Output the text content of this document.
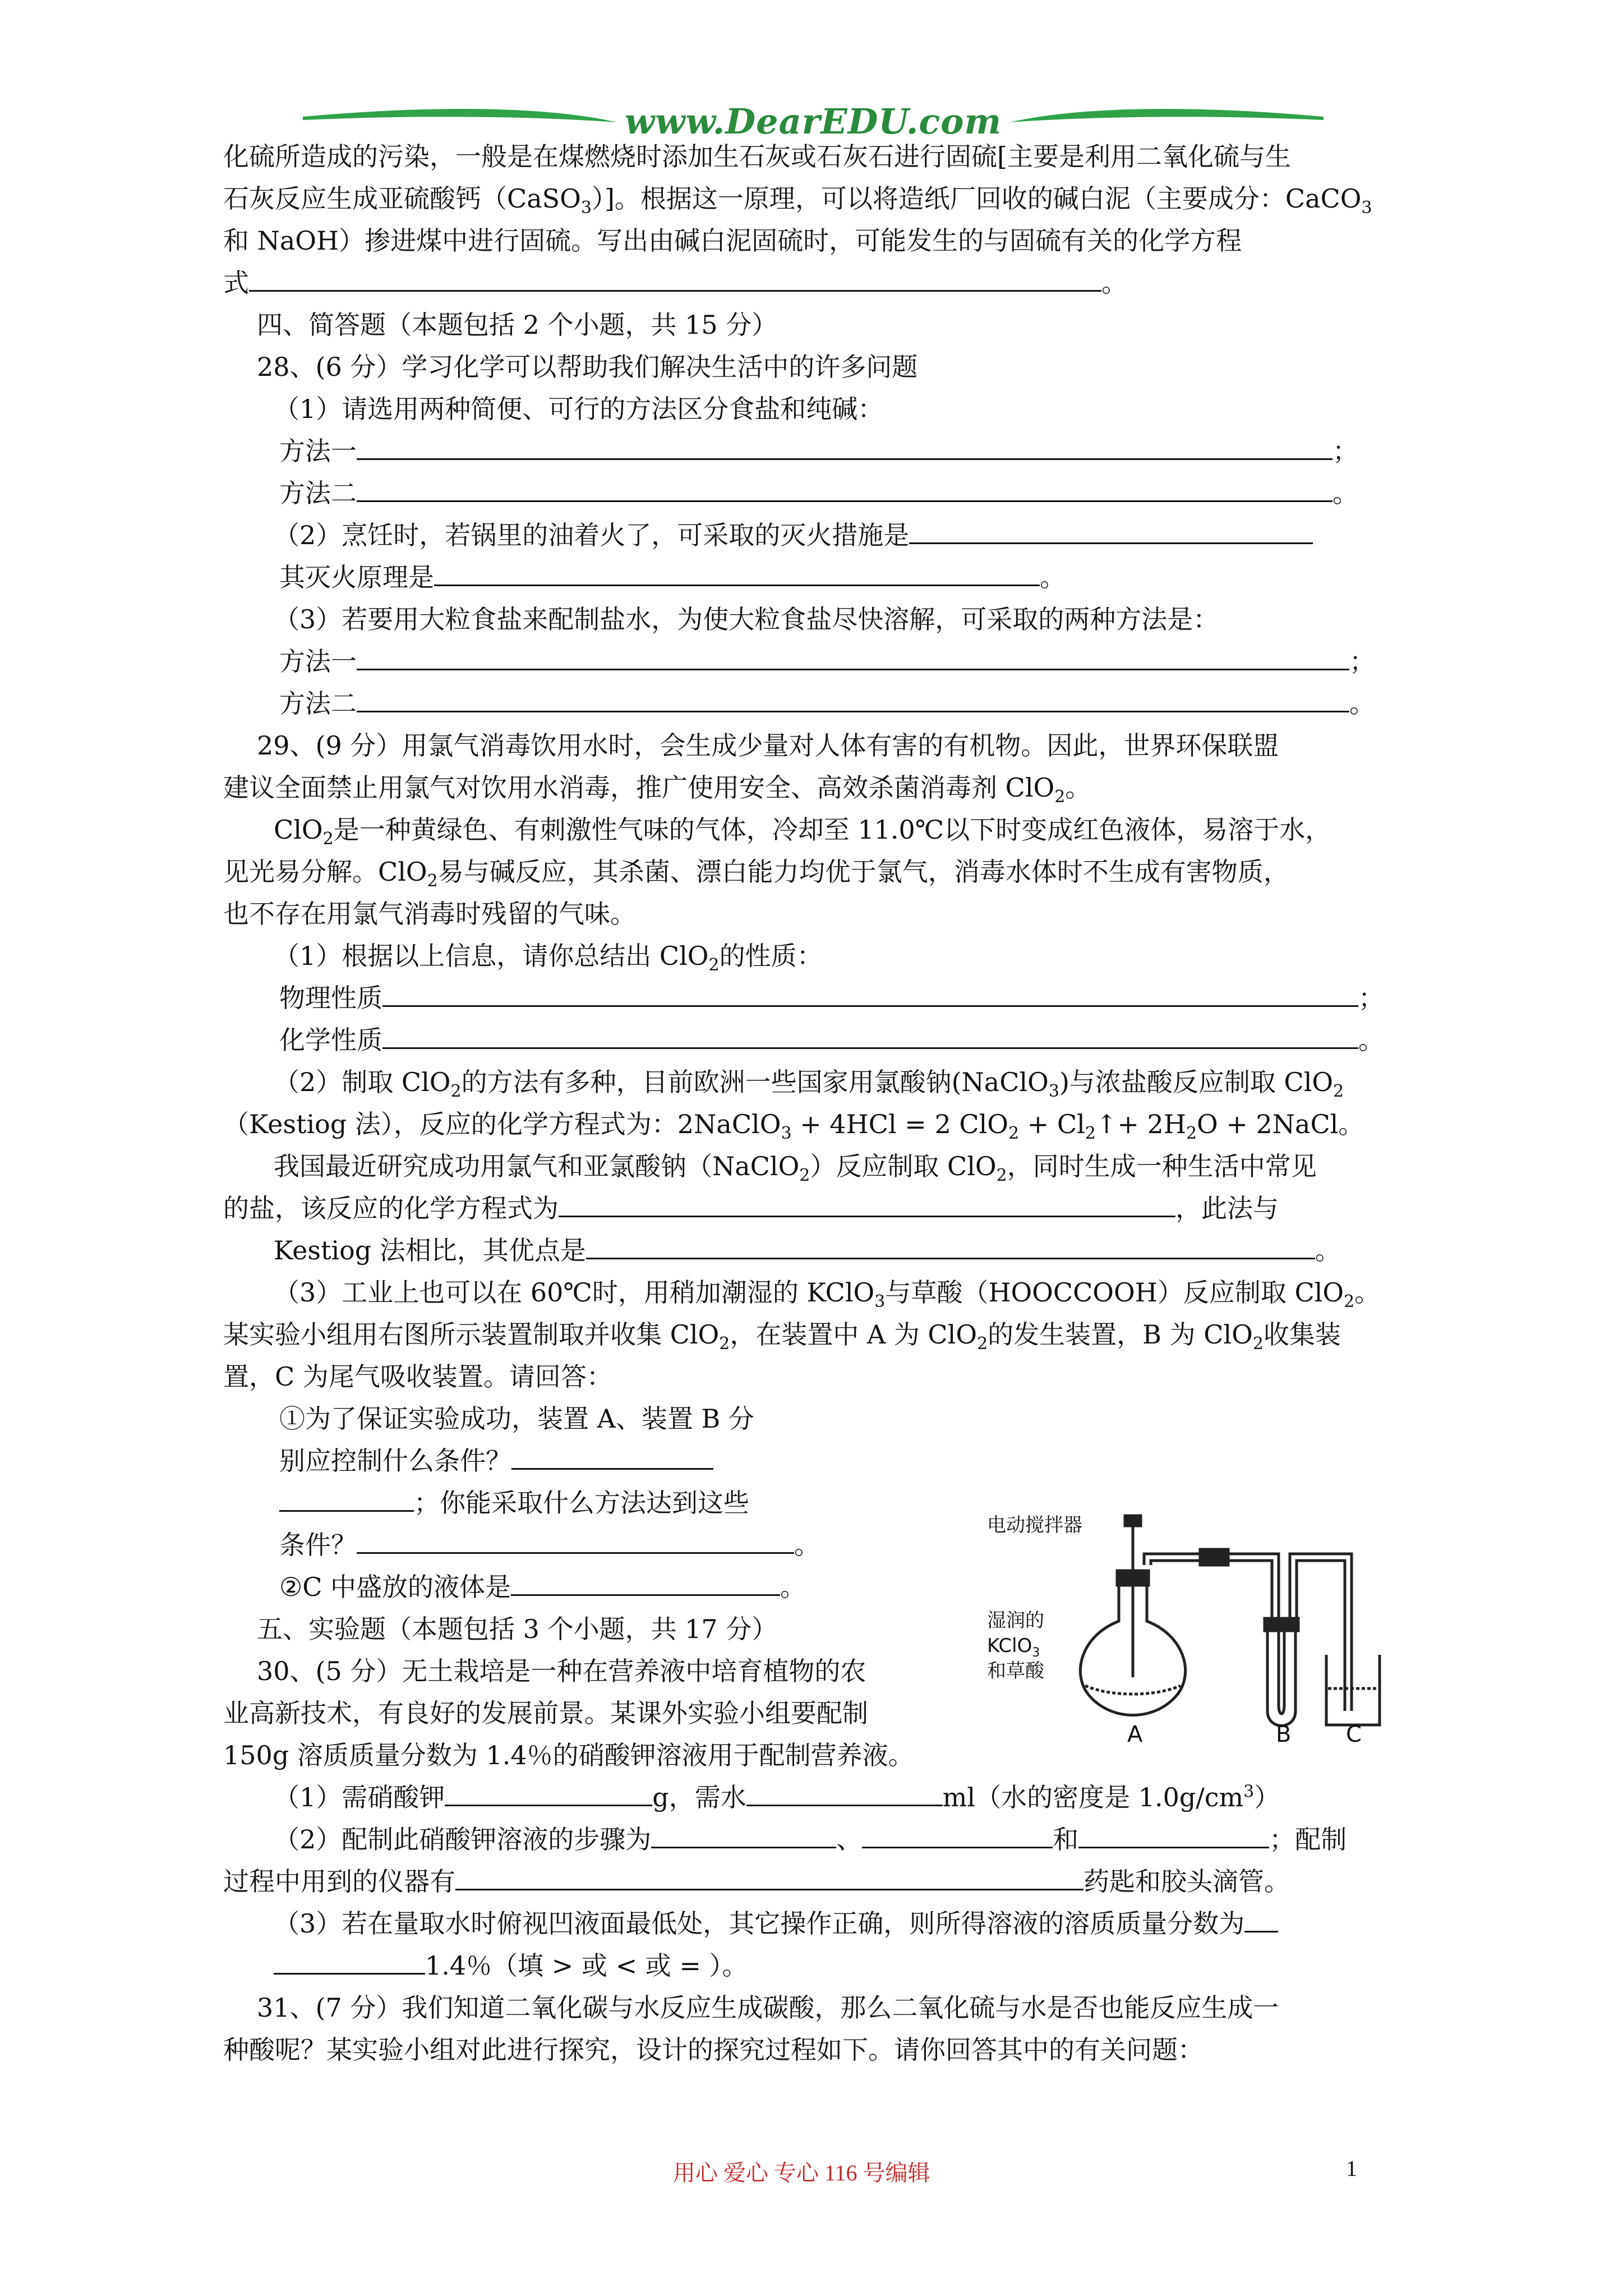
www.DearEDU.com
化硫所造成的污染，一般是在煤燃烧时添加生石灰或石灰石进行固硫[主要是利用二氧化硫与生
石灰反应生成亚硫酸钙（CaSO$_3$）]。根据这一原理，可以将造纸厂回收的碱白泥（主要成分：CaCO$_3$
和 NaOH）掺进煤中进行固硫。写出由碱白泥固硫时，可能发生的与固硫有关的化学方程
式	。
四、简答题（本题包括 2 个小题，共 15 分）
28、(6 分）学习化学可以帮助我们解决生活中的许多问题
（1）请选用两种简便、可行的方法区分食盐和纯碱：
方法一	；
方法二	。
（2）烹饪时，若锅里的油着火了，可采取的灭火措施是
其灭火原理是	。
（3）若要用大粒食盐来配制盐水，为使大粒食盐尽快溶解，可采取的两种方法是：
方法一	；
方法二	。
29、(9 分）用氯气消毒饮用水时，会生成少量对人体有害的有机物。因此，世界环保联盟
建议全面禁止用氯气对饮用水消毒，推广使用安全、高效杀菌消毒剂 ClO$_2$。
ClO$_2$是一种黄绿色、有刺激性气味的气体，冷却至 11.0℃以下时变成红色液体，易溶于水，
见光易分解。ClO$_2$易与碱反应，其杀菌、漂白能力均优于氯气，消毒水体时不生成有害物质，
也不存在用氯气消毒时残留的气味。
（1）根据以上信息，请你总结出 ClO$_2$的性质：
物理性质	；
化学性质	。
（2）制取 ClO$_2$的方法有多种，目前欧洲一些国家用氯酸钠(NaClO$_3$)与浓盐酸反应制取 ClO$_2$
（Kestiog 法），反应的化学方程式为：2NaClO$_3$ + 4HCl = 2 $ClO_2 + Cl_2↑+ 2H_2O$ + 2NaCl。
我国最近研究成功用氯气和亚氯酸钠（NaClO$_2$）反应制取 ClO$_2$，同时生成一种生活中常见
的盐，该反应的化学方程式为	，此法与
Kestiog 法相比，其优点是	。
（3）工业上也可以在 60℃时，用稍加潮湿的 KClO$_3$与草酸（HOOCCOOH）反应制取 ClO$_2$。
某实验小组用右图所示装置制取并收集 ClO$_2$，在装置中 A 为 ClO$_2$的发生装置，B 为 ClO$_2$收集装
置，C 为尾气吸收装置。请回答：
①为了保证实验成功，装置 A、装置 B 分
别应控制什么条件？
；你能采取什么方法达到这些
条件？	。
②C 中盛放的液体是	。
五、实验题（本题包括 3 个小题，共 17 分）
30、(5 分）无土栽培是一种在营养液中培育植物的农
业高新技术，有良好的发展前景。某课外实验小组要配制
150g 溶质质量分数为 1.4％的硝酸钾溶液用于配制营养液。
（1）需硝酸钾	g，需水	ml（水的密度是 $1.0g/cm^3$）
（2）配制此硝酸钾溶液的步骤为	、	和	；配制
过程中用到的仪器有	药匙和胶头滴管。
（3）若在量取水时俯视凹液面最低处，其它操作正确，则所得溶液的溶质质量分数为
1.4％（填 > 或 < 或 = ）。
31、(7 分）我们知道二氧化碳与水反应生成碳酸，那么二氧化硫与水是否也能反应生成一
种酸呢？某实验小组对此进行探究，设计的探究过程如下。请你回答其中的有关问题：
电动搅拌器
湿润的
KClO$_3$
和草酸
A	B C
用心 爱心 专心 116 号编辑	1
